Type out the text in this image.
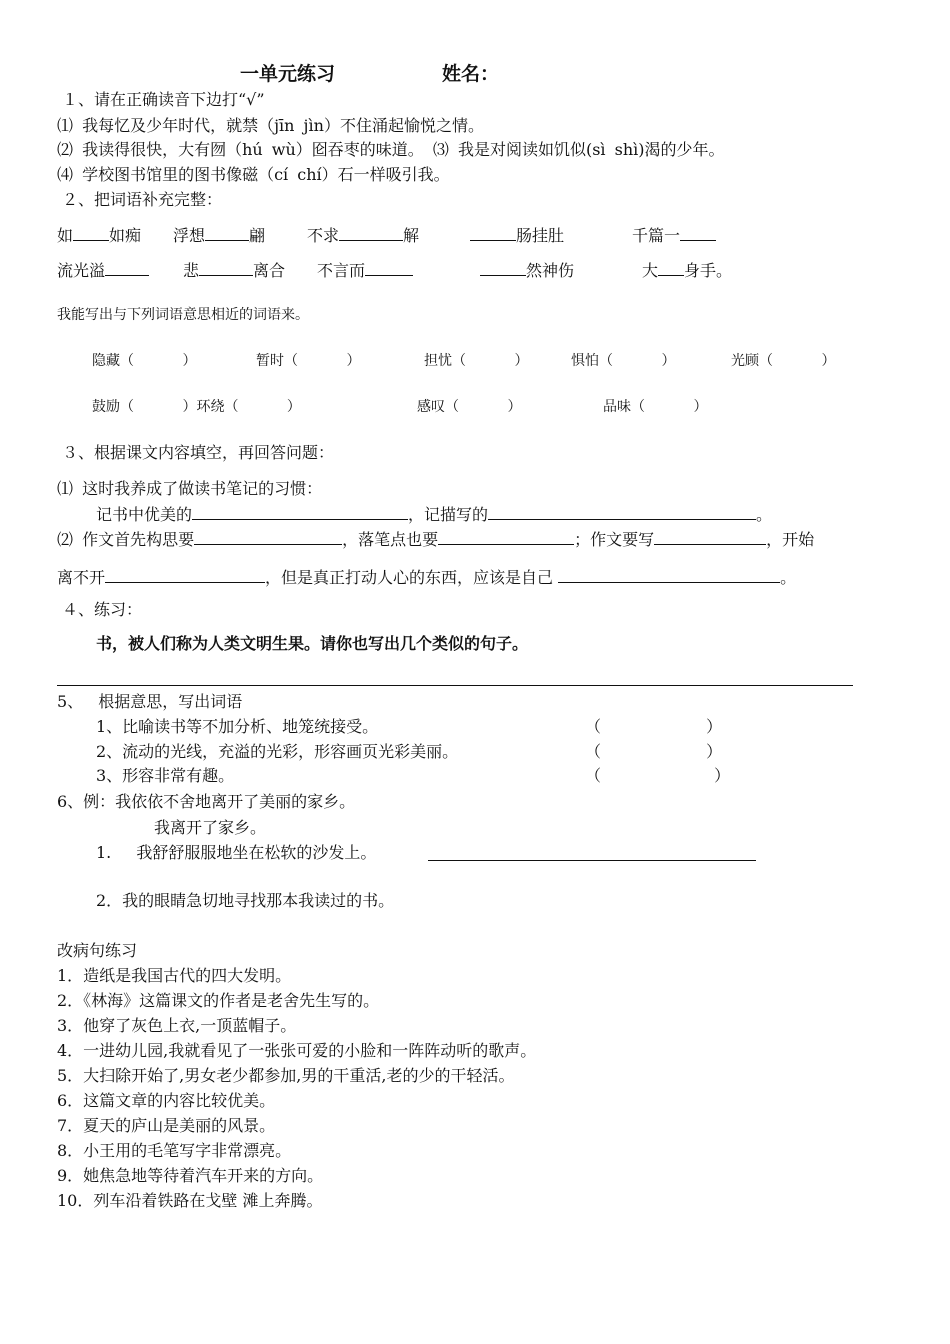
一单元练习	姓名：
１、请在正确读音下边打“√”
⑴ 我每忆及少年时代，就禁（jīn jìn）不住涌起愉悦之情。
⑵ 我读得很快，大有囫（hú wù）囵吞枣的味道。 ⑶ 我是对阅读如饥似(sì shì)渴的少年。
⑷ 学校图书馆里的图书像磁（cí chí）石一样吸引我。
２、把词语补充完整：
如 如痴 浮想	翩	不求	解	肠挂肚	千篇一
流光溢	悲	离合 不言而	然神伤	大 身手。
我能写出与下列词语意思相近的词语来。
隐藏（ ）	暂时（ ）	担忧（ ）	惧怕（ ）	光顾（ ）
鼓励（ ）环绕（ ）	感叹（ ）	品味（ ）
３、根据课文内容填空，再回答问题：
⑴ 这时我养成了做读书笔记的习惯：
记书中优美的	，记描写的	。
⑵ 作文首先构思要	，落笔点也要	；作文要写	，开始
离不开	，但是真正打动人心的东西，应该是自己	。
４、练习：
书，被人们称为人类文明生果。请你也写出几个类似的句子。
5、 根据意思，写出词语
1、比喻读书等不加分析、地笼统接受。
2、流动的光线，充溢的光彩，形容画页光彩美丽。
3、形容非常有趣。
（ ）
（ ）
（ ）
6、例：我依依不舍地离开了美丽的家乡。
我离开了家乡。
1. 我舒舒服服地坐在松软的沙发上。
2．我的眼睛急切地寻找那本我读过的书。
改病句练习
1．造纸是我国古代的四大发明。
2．《林海》这篇课文的作者是老舍先生写的。
3．他穿了灰色上衣,一顶蓝帽子。
4．一进幼儿园,我就看见了一张张可爱的小脸和一阵阵动听的歌声。
5．大扫除开始了,男女老少都参加,男的干重活,老的少的干轻活。
6．这篇文章的内容比较优美。
7．夏天的庐山是美丽的风景。
8．小王用的毛笔写字非常漂亮。
9．她焦急地等待着汽车开来的方向。
10．列车沿着铁路在戈壁 滩上奔腾。
